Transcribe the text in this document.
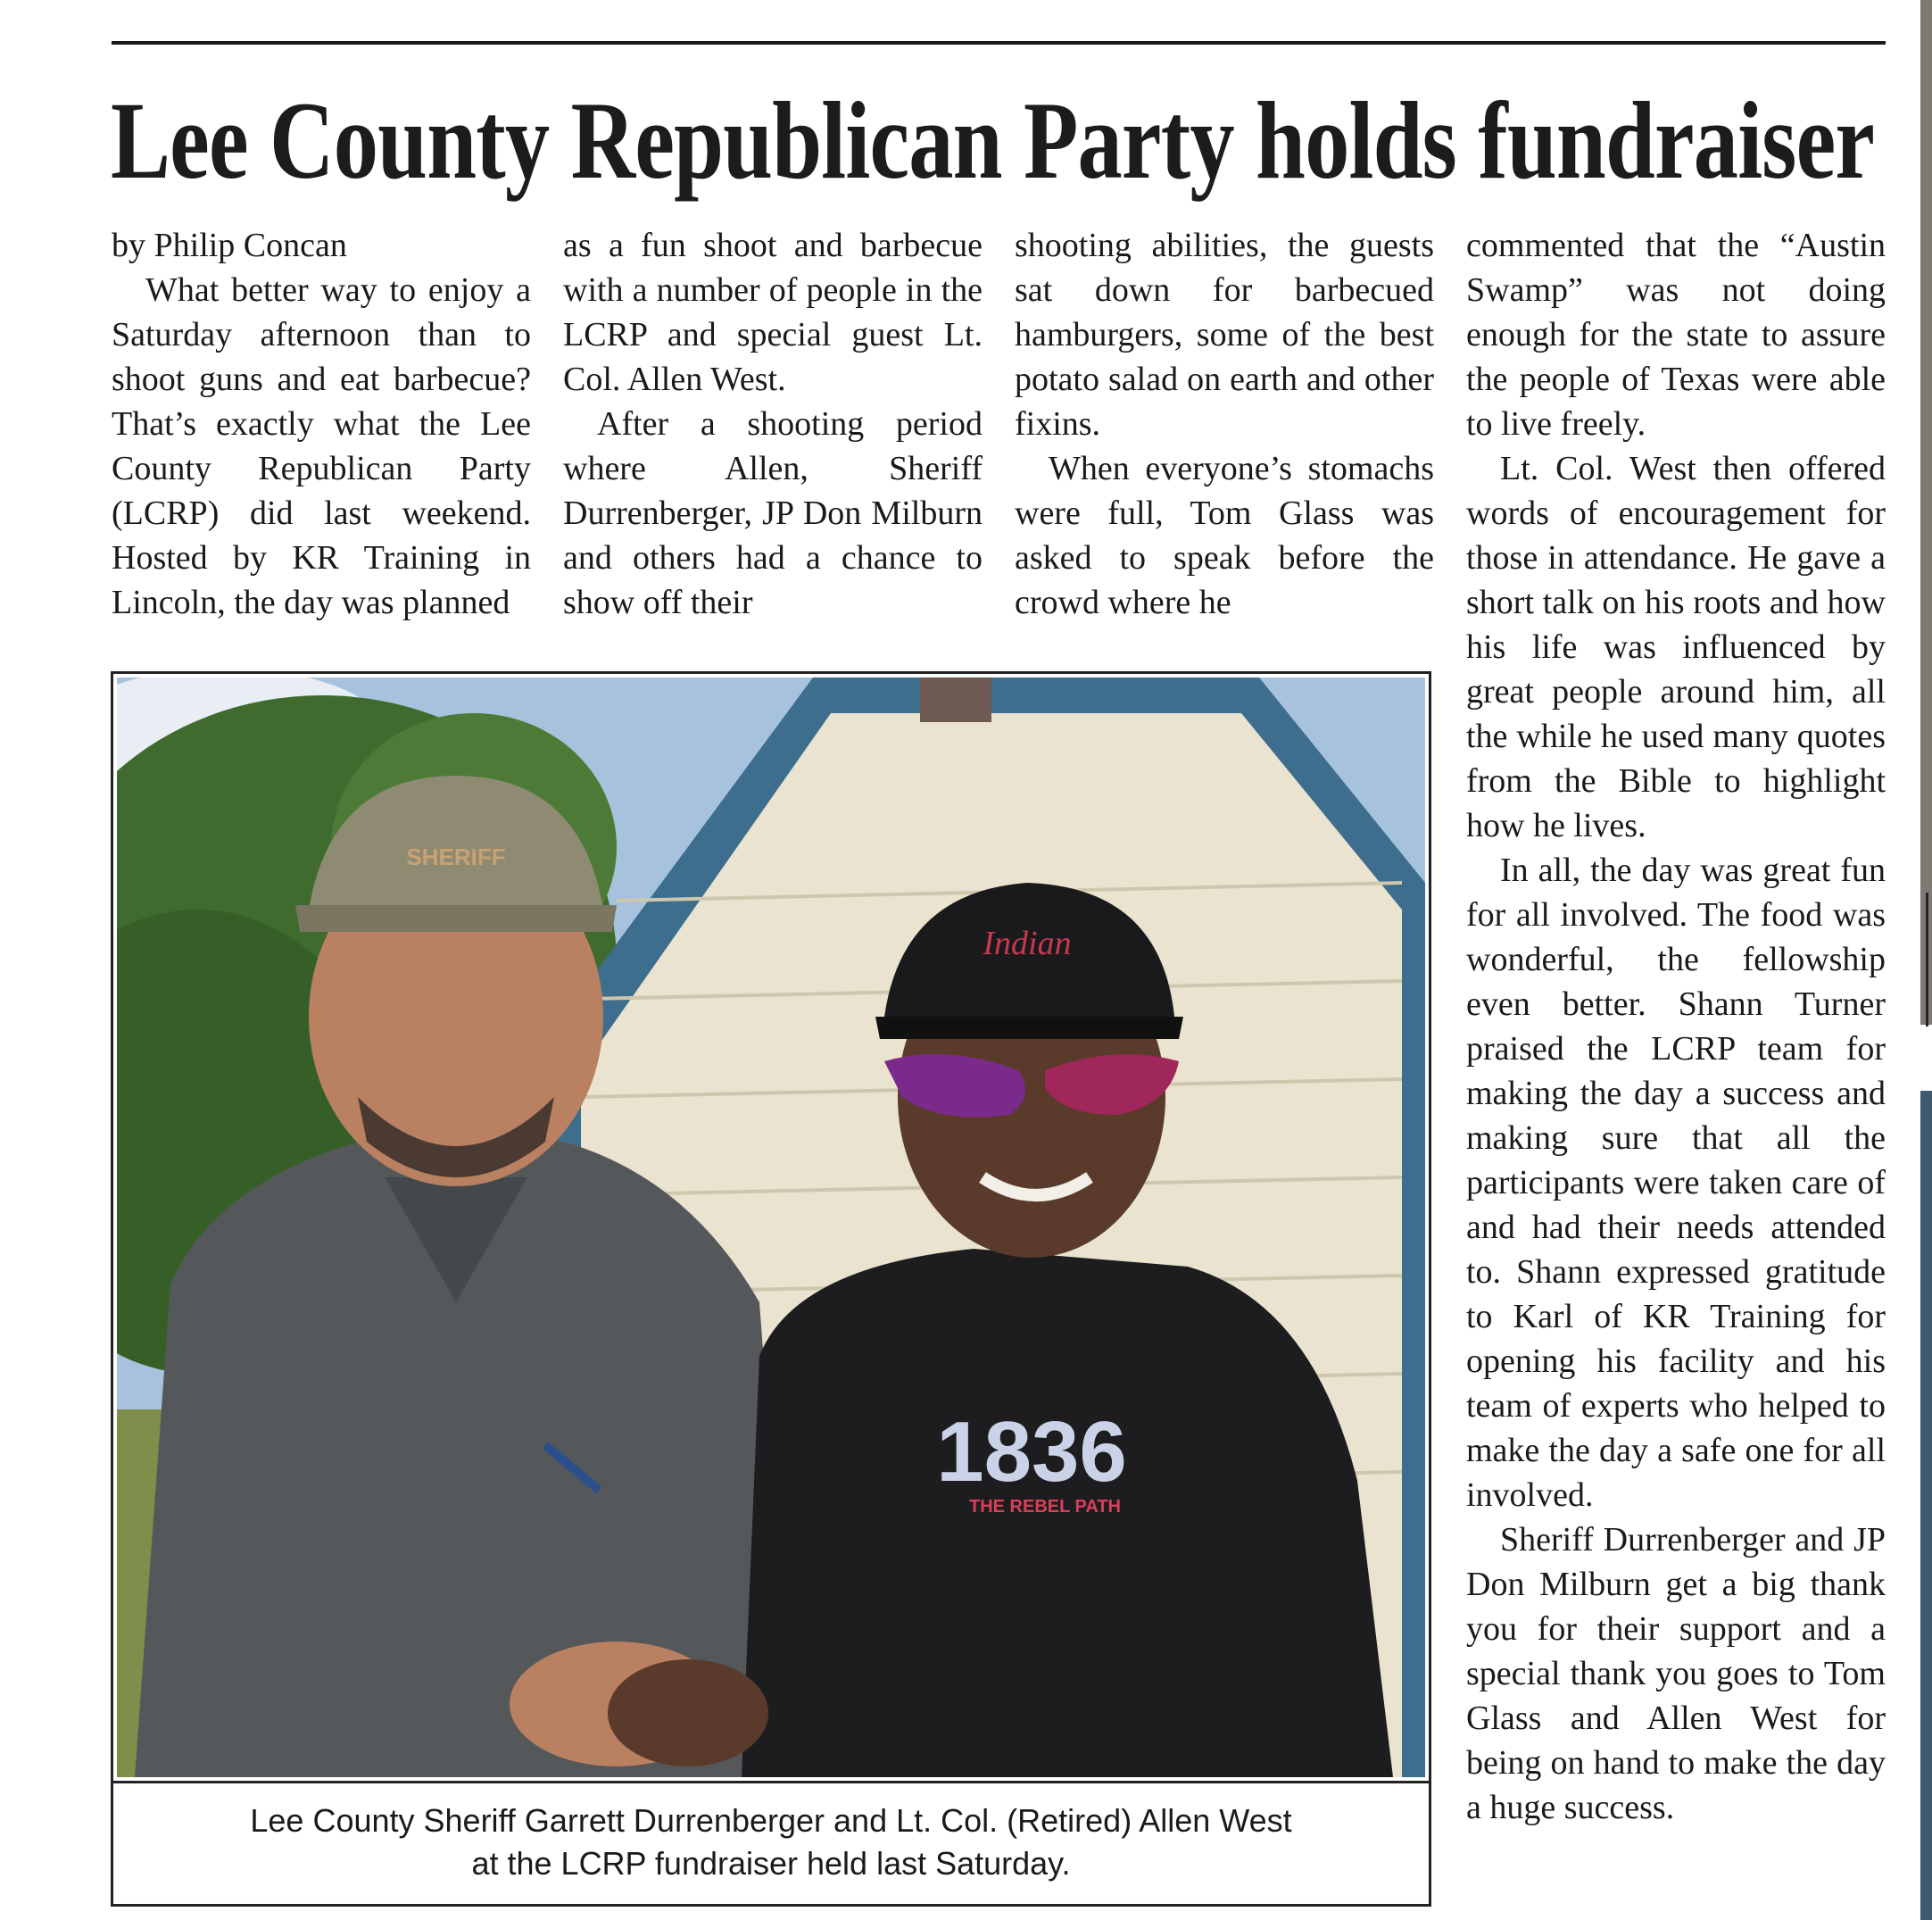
Lee County Republican Party holds fundraiser

by Philip Concan

What better way to enjoy a Saturday afternoon than to shoot guns and eat barbecue? That’s exactly what the Lee County Republican Party (LCRP) did last weekend. Hosted by KR Training in Lincoln, the day was planned

as a fun shoot and barbecue with a number of people in the LCRP and special guest Lt. Col. Allen West.

After a shooting period where Allen, Sheriff Durrenberger, JP Don Milburn and others had a chance to show off their

shooting abilities, the guests sat down for barbecued hamburgers, some of the best potato salad on earth and other fixins.

When everyone’s stomachs were full, Tom Glass was asked to speak before the crowd where he

commented that the “Austin Swamp” was not doing enough for the state to assure the people of Texas were able to live freely.

Lt. Col. West then offered words of encouragement for those in attendance. He gave a short talk on his roots and how his life was influenced by great people around him, all the while he used many quotes from the Bible to highlight how he lives.

In all, the day was great fun for all involved. The food was wonderful, the fellowship even better. Shann Turner praised the LCRP team for making the day a success and making sure that all the participants were taken care of and had their needs attended to. Shann expressed gratitude to Karl of KR Training for opening his facility and his team of experts who helped to make the day a safe one for all involved.

Sheriff Durrenberger and JP Don Milburn get a big thank you for their support and a special thank you goes to Tom Glass and Allen West for being on hand to make the day a huge success.

SHERIFF
Indian
1836
THE REBEL PATH
Lee County Sheriff Garrett Durrenberger and Lt. Col. (Retired) Allen West
at the LCRP fundraiser held last Saturday.
